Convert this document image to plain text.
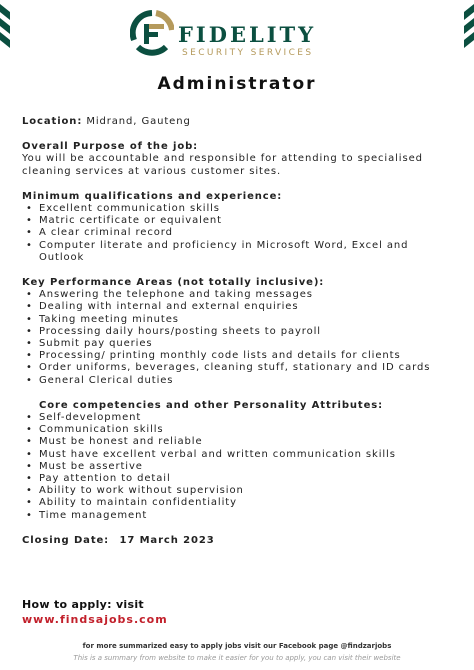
FIDELITY
SECURITY SERVICES
Administrator
Location: Midrand, Gauteng
Overall Purpose of the job:
You will be accountable and responsible for attending to specialised
cleaning services at various customer sites.
Minimum qualifications and experience:
• Excellent communication skills
• Matric certificate or equivalent
• A clear criminal record
• Computer literate and proficiency in Microsoft Word, Excel and
Outlook
Key Performance Areas (not totally inclusive):
• Answering the telephone and taking messages
• Dealing with internal and external enquiries
• Taking meeting minutes
• Processing daily hours/posting sheets to payroll
• Submit pay queries
• Processing/ printing monthly code lists and details for clients
• Order uniforms, beverages, cleaning stuff, stationary and ID cards
• General Clerical duties
Core competencies and other Personality Attributes:
• Self-development
• Communication skills
• Must be honest and reliable
• Must have excellent verbal and written communication skills
• Must be assertive
• Pay attention to detail
• Ability to work without supervision
• Ability to maintain confidentiality
• Time management
Closing Date: 17 March 2023
How to apply: visit
www.findsajobs.com
for more summarized easy to apply jobs visit our Facebook page @findzarjobs
This is a summary from website to make it easier for you to apply, you can visit their website
